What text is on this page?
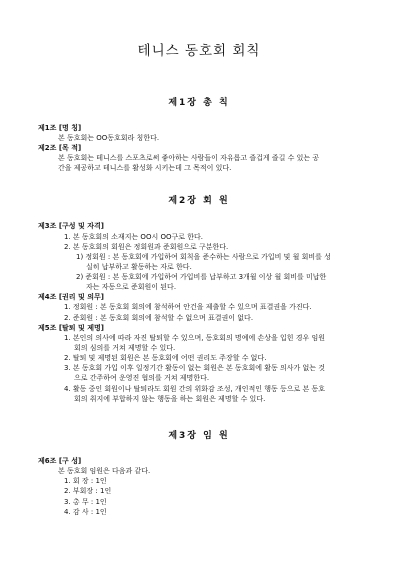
테니스 동호회 회칙
제1장 총 칙
제1조 [명 칭]
본 동호회는 OO동호회라 칭한다.
제2조 [목 적]
본 동호회는 테니스를 스포츠로써 좋아하는 사람들이 자유롭고 즐겁게 즐길 수 있는 공
간을 제공하고 테니스를 활성화 시키는데 그 목적이 있다.
제2장 회 원
제3조 [구성 및 자격]
1. 본 동호회의 소재지는 OO시 OO구로 한다.
2. 본 동호회의 회원은 정회원과 준회원으로 구분한다.
1) 정회원 : 본 동호회에 가입하여 회칙을 준수하는 사람으로 가입비 및 월 회비를 성
실히 납부하고 활동하는 자로 한다.
2) 준회원 : 본 동호회에 가입하여 가입비를 납부하고 3개월 이상 월 회비를 미납한
자는 자동으로 준회원이 된다.
제4조 [권리 및 의무]
1. 정회원 : 본 동호회 회의에 참석하여 안건을 제출할 수 있으며 표결권을 가진다.
2. 준회원 : 본 동호회 회의에 참석할 수 없으며 표결권이 없다.
제5조 [탈퇴 및 제명]
1. 본인의 의사에 따라 자진 탈퇴할 수 있으며, 동호회의 명예에 손상을 입힌 경우 임원
회의 심의를 거쳐 제명할 수 있다.
2. 탈퇴 및 제명된 회원은 본 동호회에 어떤 권리도 주장할 수 없다.
3. 본 동호회 가입 이후 일정기간 활동이 없는 회원은 본 동호회에 활동 의사가 없는 것
으로 간주하여 운영진 협의를 거쳐 제명한다.
4. 활동 중인 회원이나 탈퇴라도 회원 간의 위화감 조성, 개인적인 행동 등으로 본 동호
회의 취지에 부합하지 않는 행동을 하는 회원은 제명할 수 있다.
제3장 임 원
제6조 [구 성]
본 동호회 임원은 다음과 같다.
1. 회 장 : 1인
2. 부회장 : 1인
3. 총 무 : 1인
4. 감 사 : 1인
